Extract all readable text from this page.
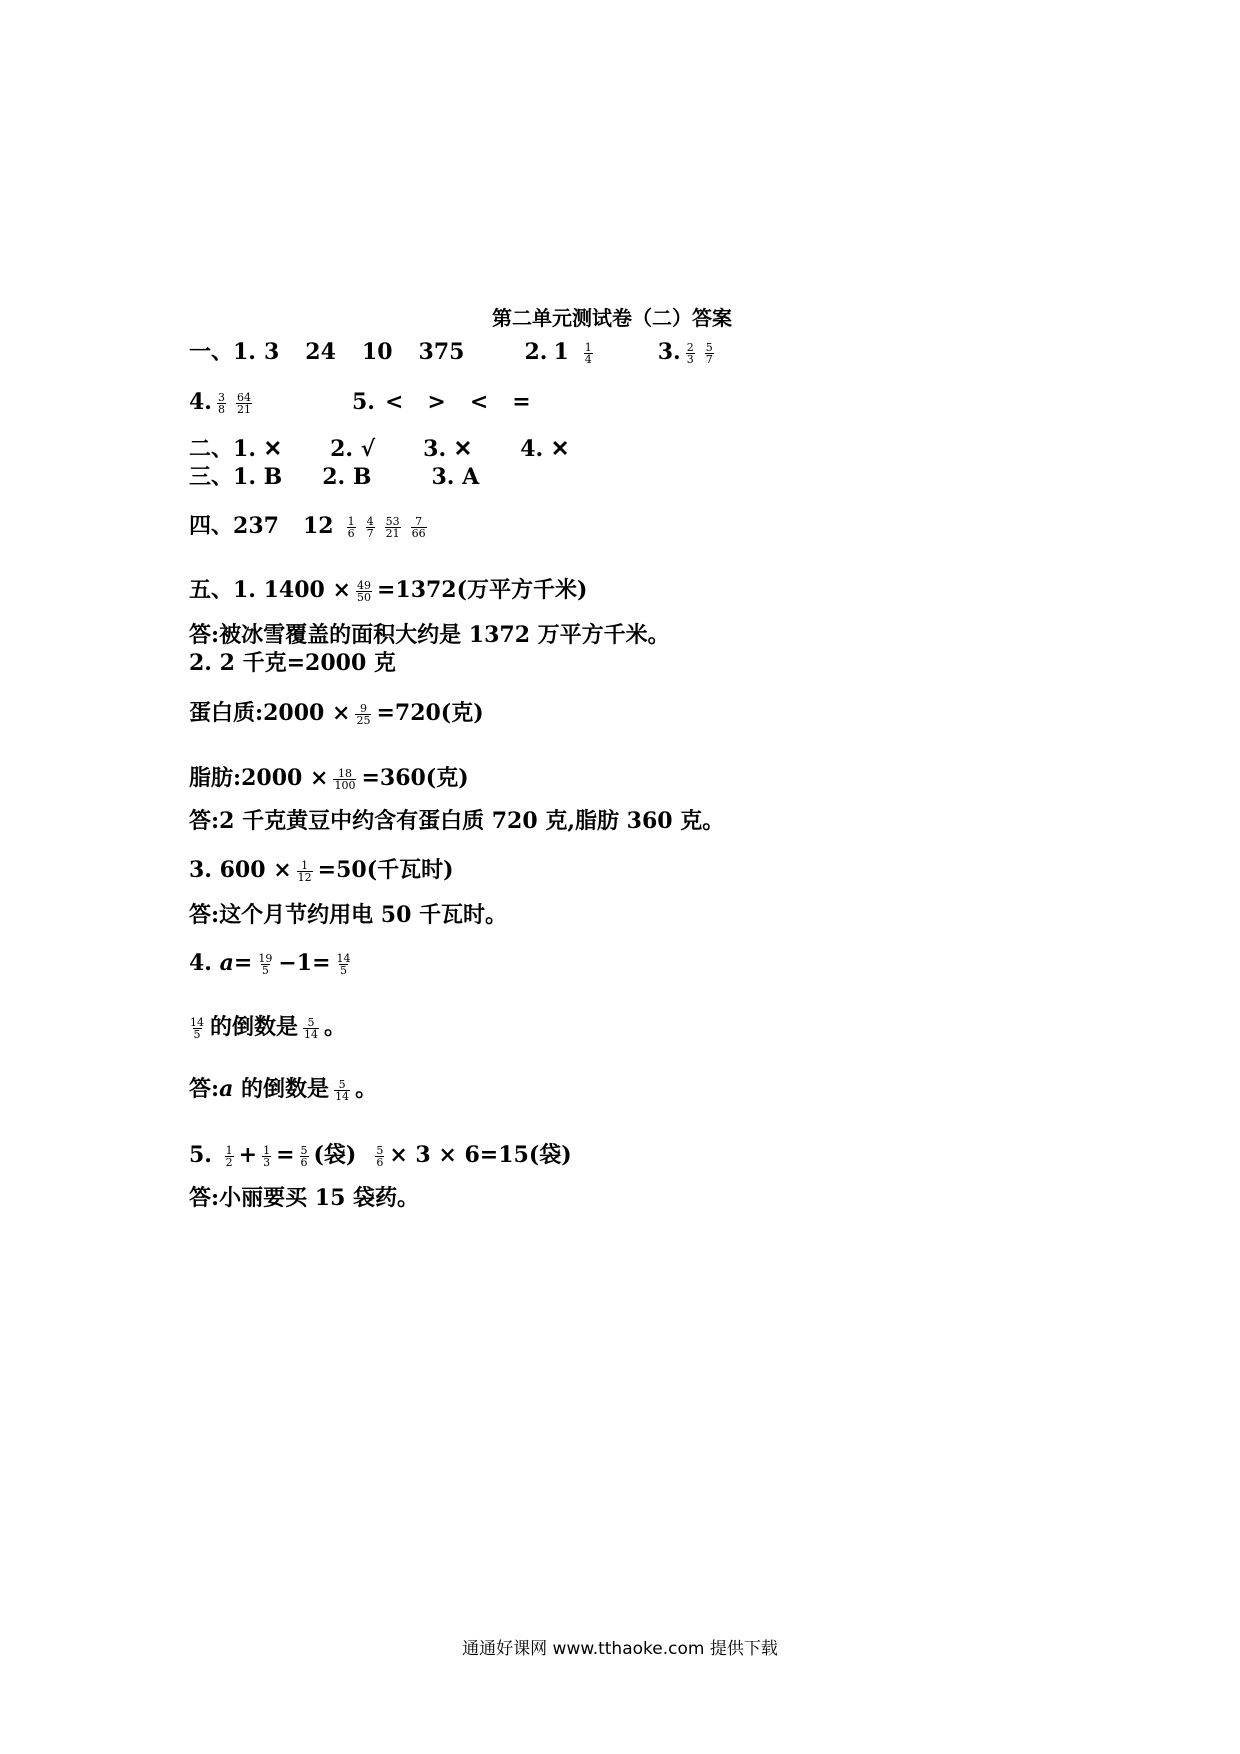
第二单元测试卷（二）答案
一、1. 3 24 10 375	2. $1 \frac{1}{4}$	3. $\frac{2}{3} \frac{5}{7}$
4. $\frac{3}{8} \frac{64}{21}$	5. < > < =
二、1. ✕ 2. √ 3. ✕ 4. ✕
三、1. B 2. B	3. A
四、237 $12 \frac{1}{6} \frac{4}{7} \frac{53}{21} \frac{7}{66}$
五、1. $1400 \times \frac{49}{50} =1372$(万平方千米)
答:被冰雪覆盖的面积大约是 1372 万平方千米。
2. 2 千克=2000 克
蛋白质:2000 × $\frac{9}{25} =720$(克)
脂肪:2000 × $\frac{18}{100} =360$(克)
答:2 千克黄豆中约含有蛋白质 720 克,脂肪 360 克。
3. $600 \times \frac{1}{12} =50$(千瓦时)
答:这个月节约用电 50 千瓦时。
4. $a= \frac{19}{5} -1= \frac{14}{5}$
$\frac{14}{5}$ 的倒数是 $\frac{5}{14}$ 。
答:a 的倒数是 $\frac{5}{14}$ 。
5. $\frac{1}{2} + \frac{1}{3} = \frac{5}{6}$ (袋) $\frac{5}{6} \times 3 \times 6=15$(袋)
答:小丽要买 15 袋药。
通通好课网 www.tthaoke.com 提供下载
